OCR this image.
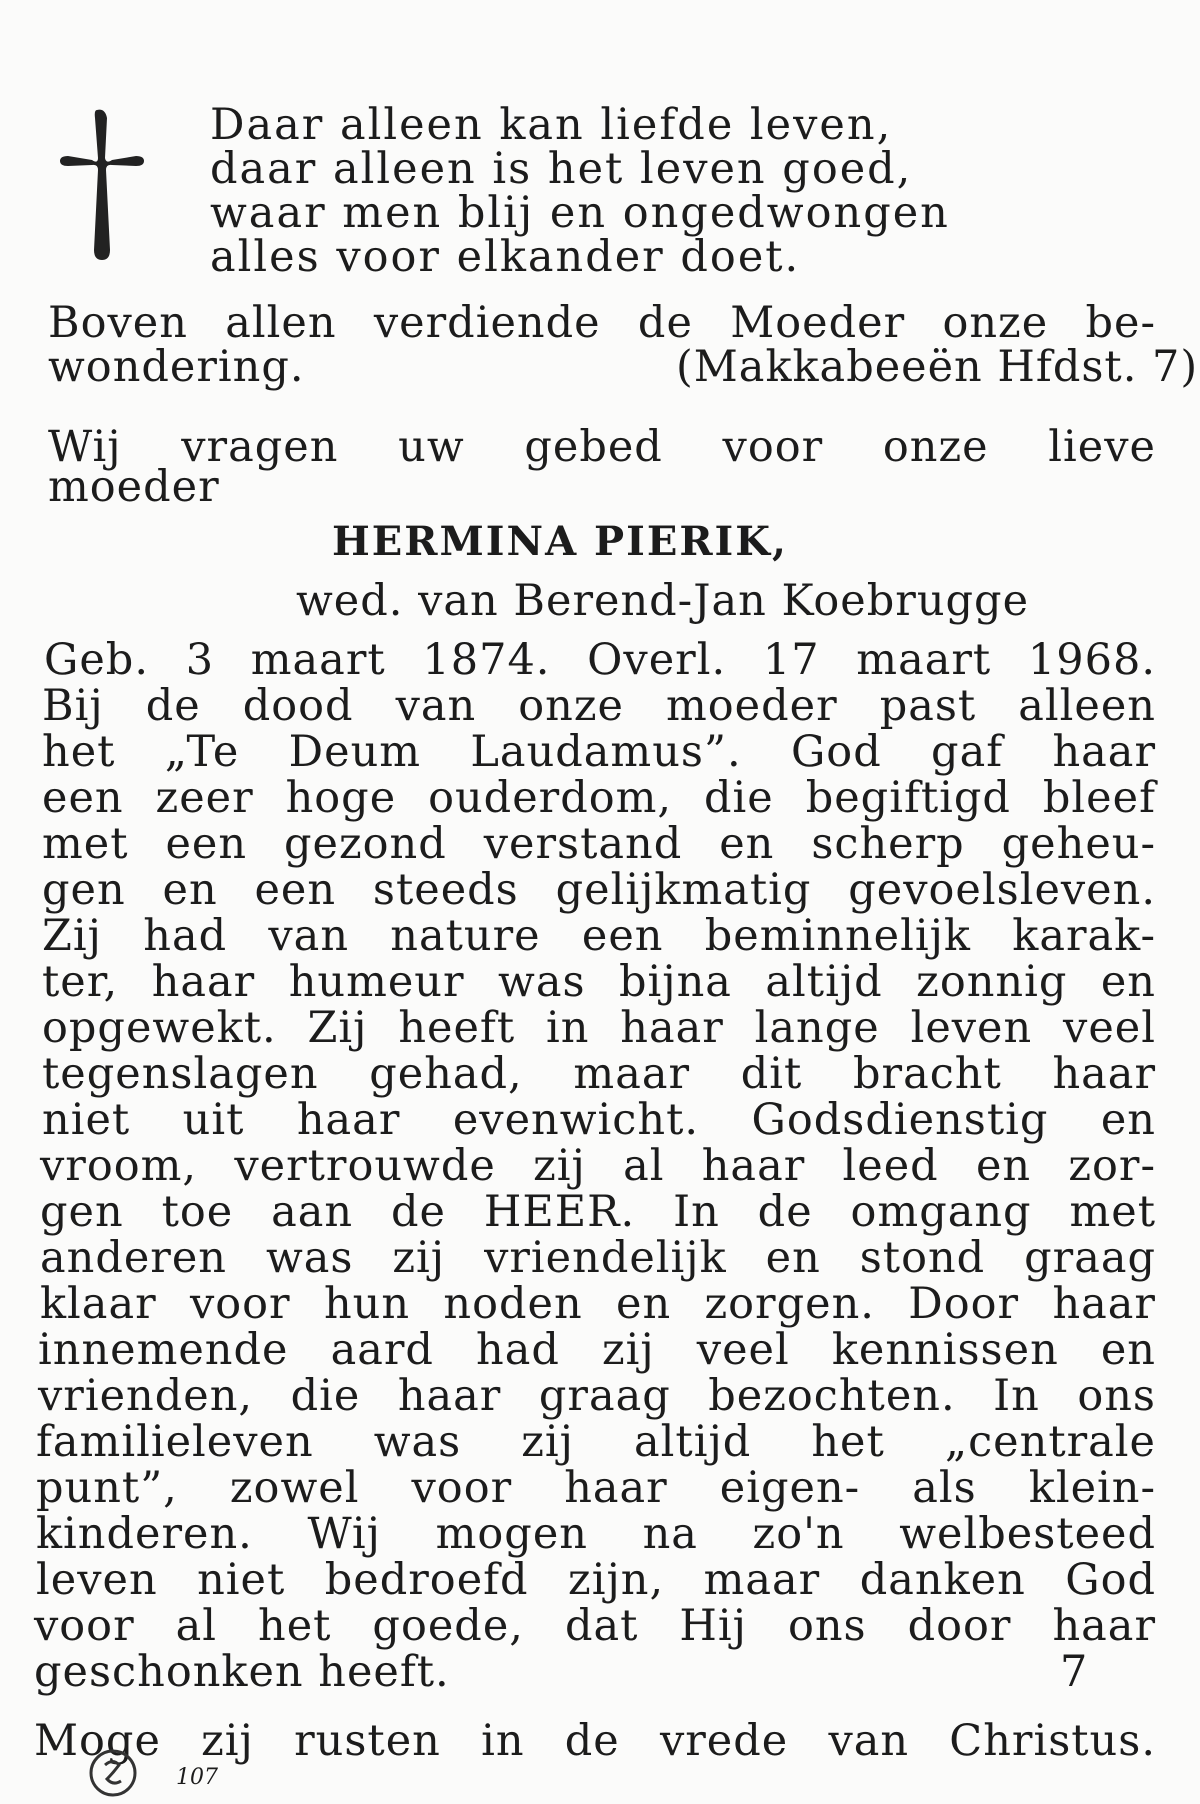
Daar alleen kan liefde leven,
daar alleen is het leven goed,
waar men blij en ongedwongen
alles voor elkander doet.
Boven allen verdiende de Moeder onze be-
wondering.	(Makkabeeën Hfdst. 7)
Wij vragen uw gebed voor onze lieve
moeder
HERMINA PIERIK,
wed. van Berend-Jan Koebrugge
Geb. 3 maart 1874. Overl. 17 maart 1968.
Bij de dood van onze moeder past alleen
het „Te Deum Laudamus”. God gaf haar
een zeer hoge ouderdom, die begiftigd bleef
met een gezond verstand en scherp geheu-
gen en een steeds gelijkmatig gevoelsleven.
Zij had van nature een beminnelijk karak-
ter, haar humeur was bijna altijd zonnig en
opgewekt. Zij heeft in haar lange leven veel
tegenslagen gehad, maar dit bracht haar
niet uit haar evenwicht. Godsdienstig en
vroom, vertrouwde zij al haar leed en zor-
gen toe aan de HEER. In de omgang met
anderen was zij vriendelijk en stond graag
klaar voor hun noden en zorgen. Door haar
innemende aard had zij veel kennissen en
vrienden, die haar graag bezochten. In ons
familieleven was zij altijd het „centrale
punt”, zowel voor haar eigen- als klein-
kinderen. Wij mogen na zo'n welbesteed
leven niet bedroefd zijn, maar danken God
voor al het goede, dat Hij ons door haar
geschonken heeft.	7
Moge zij rusten in de vrede van Christus.
107
